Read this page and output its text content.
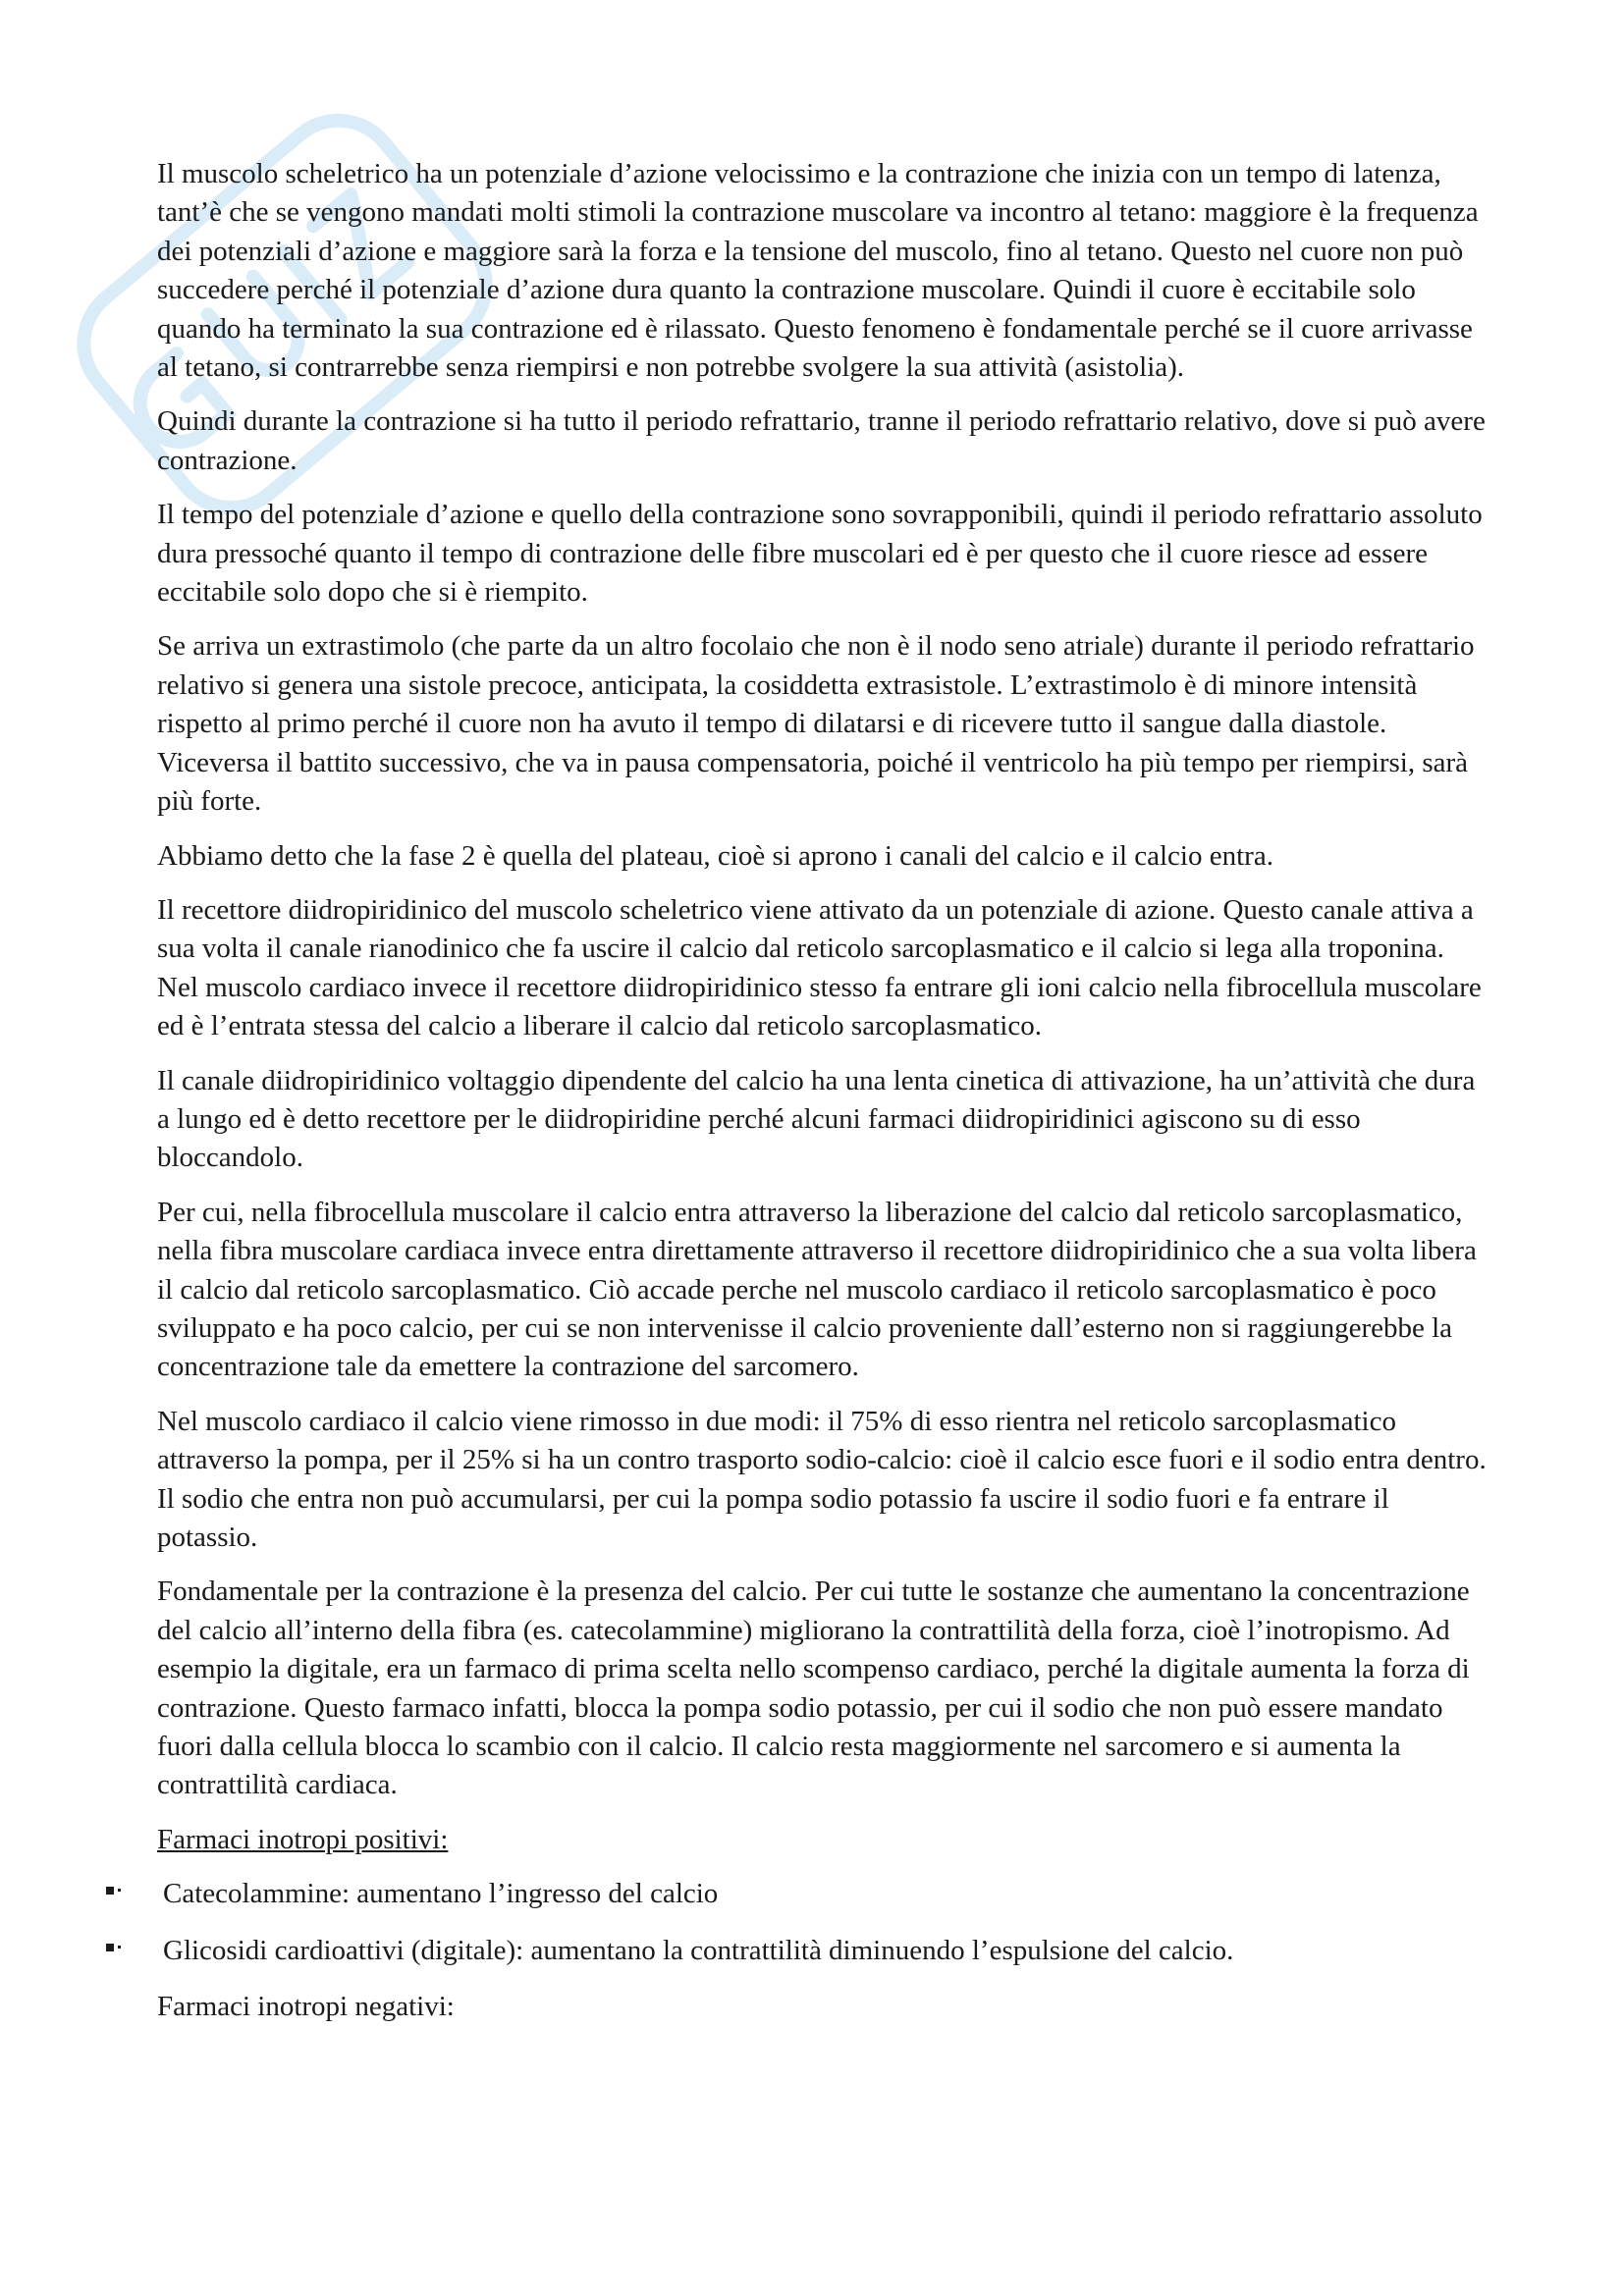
Il muscolo scheletrico ha un potenziale d’azione velocissimo e la contrazione che inizia con un tempo di latenza, tant’è che se vengono mandati molti stimoli la contrazione muscolare va incontro al tetano: maggiore è la frequenza dei potenziali d’azione e maggiore sarà la forza e la tensione del muscolo, fino al tetano. Questo nel cuore non può succedere perché il potenziale d’azione dura quanto la contrazione muscolare. Quindi il cuore è eccitabile solo quando ha terminato la sua contrazione ed è rilassato. Questo fenomeno è fondamentale perché se il cuore arrivasse al tetano, si contrarrebbe senza riempirsi e non potrebbe svolgere la sua attività (asistolia).

Quindi durante la contrazione si ha tutto il periodo refrattario, tranne il periodo refrattario relativo, dove si può avere contrazione.

Il tempo del potenziale d’azione e quello della contrazione sono sovrapponibili, quindi il periodo refrattario assoluto dura pressoché quanto il tempo di contrazione delle fibre muscolari ed è per questo che il cuore riesce ad essere eccitabile solo dopo che si è riempito.

Se arriva un extrastimolo (che parte da un altro focolaio che non è il nodo seno atriale) durante il periodo refrattario relativo si genera una sistole precoce, anticipata, la cosiddetta extrasistole. L’extrastimolo è di minore intensità rispetto al primo perché il cuore non ha avuto il tempo di dilatarsi e di ricevere tutto il sangue dalla diastole. Viceversa il battito successivo, che va in pausa compensatoria, poiché il ventricolo ha più tempo per riempirsi, sarà più forte.

Abbiamo detto che la fase 2 è quella del plateau, cioè si aprono i canali del calcio e il calcio entra.

Il recettore diidropiridinico del muscolo scheletrico viene attivato da un potenziale di azione. Questo canale attiva a sua volta il canale rianodinico che fa uscire il calcio dal reticolo sarcoplasmatico e il calcio si lega alla troponina. Nel muscolo cardiaco invece il recettore diidropiridinico stesso fa entrare gli ioni calcio nella fibrocellula muscolare ed è l’entrata stessa del calcio a liberare il calcio dal reticolo sarcoplasmatico.

Il canale diidropiridinico voltaggio dipendente del calcio ha una lenta cinetica di attivazione, ha un’attività che dura a lungo ed è detto recettore per le diidropiridine perché alcuni farmaci diidropiridinici agiscono su di esso bloccandolo.

Per cui, nella fibrocellula muscolare il calcio entra attraverso la liberazione del calcio dal reticolo sarcoplasmatico, nella fibra muscolare cardiaca invece entra direttamente attraverso il recettore diidropiridinico che a sua volta libera il calcio dal reticolo sarcoplasmatico. Ciò accade perche nel muscolo cardiaco il reticolo sarcoplasmatico è poco sviluppato e ha poco calcio, per cui se non intervenisse il calcio proveniente dall’esterno non si raggiungerebbe la concentrazione tale da emettere la contrazione del sarcomero.

Nel muscolo cardiaco il calcio viene rimosso in due modi: il 75% di esso rientra nel reticolo sarcoplasmatico attraverso la pompa, per il 25% si ha un contro trasporto sodio-calcio: cioè il calcio esce fuori e il sodio entra dentro. Il sodio che entra non può accumularsi, per cui la pompa sodio potassio fa uscire il sodio fuori e fa entrare il potassio.

Fondamentale per la contrazione è la presenza del calcio. Per cui tutte le sostanze che aumentano la concentrazione del calcio all’interno della fibra (es. catecolammine) migliorano la contrattilità della forza, cioè l’inotropismo. Ad esempio la digitale, era un farmaco di prima scelta nello scompenso cardiaco, perché la digitale aumenta la forza di contrazione. Questo farmaco infatti, blocca la pompa sodio potassio, per cui il sodio che non può essere mandato fuori dalla cellula blocca lo scambio con il calcio. Il calcio resta maggiormente nel sarcomero e si aumenta la contrattilità cardiaca.

Farmaci inotropi positivi:

Catecolammine: aumentano l’ingresso del calcio
Glicosidi cardioattivi (digitale): aumentano la contrattilità diminuendo l’espulsione del calcio.

Farmaci inotropi negativi:
